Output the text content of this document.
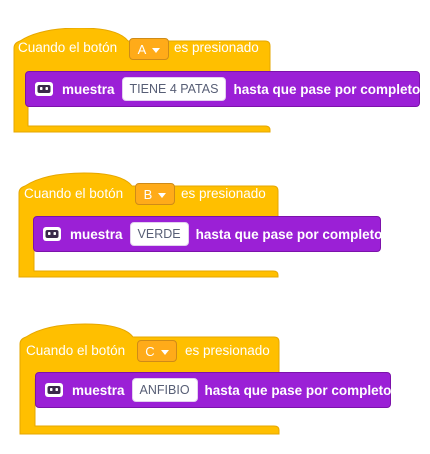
Cuando el botón A es presionado
muestra	TIENE 4 PATAS	hasta que pase por completo
Cuando el botón B es presionado
muestra	VERDE	hasta que pase por completo
Cuando el botón C es presionado
muestra	ANFIBIO	hasta que pase por completo
